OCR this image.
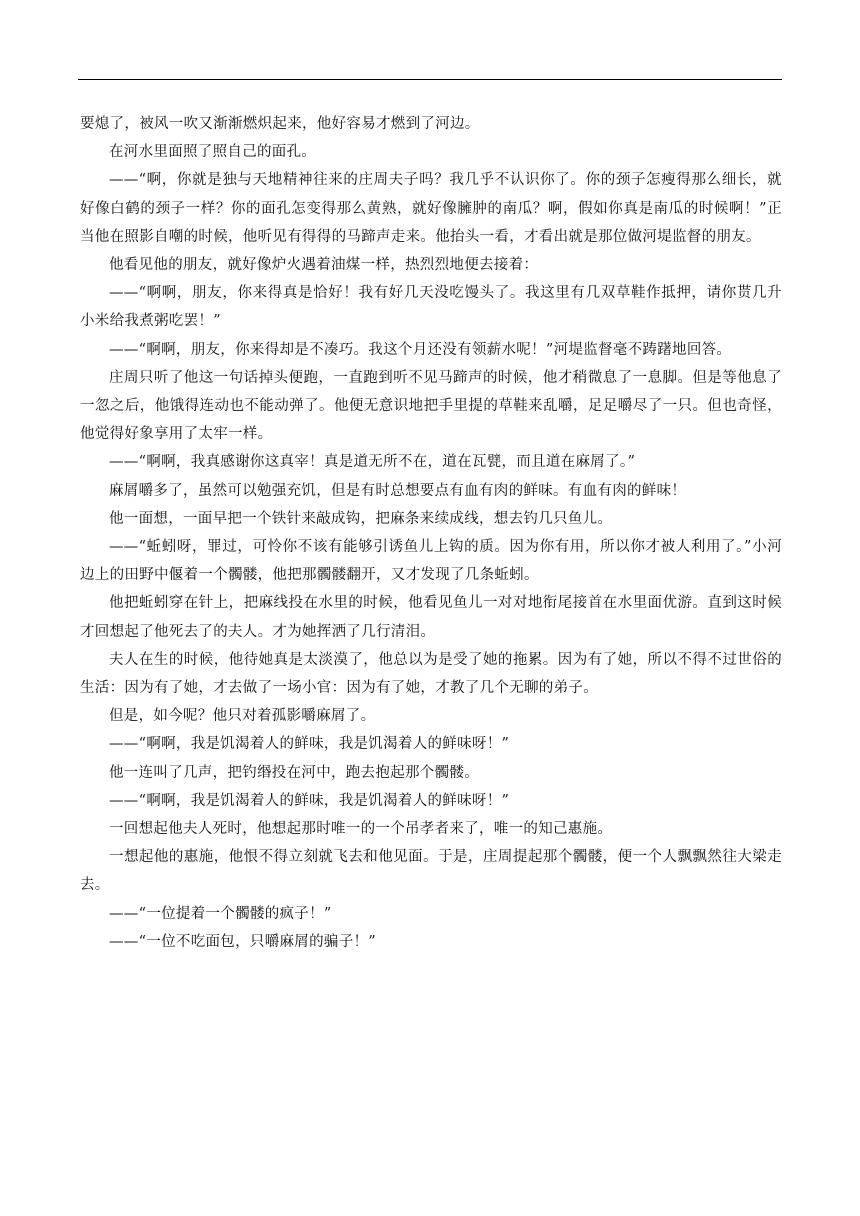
要熄了，被风一吹又渐渐燃炽起来，他好容易才燃到了河边。

在河水里面照了照自己的面孔。

——“啊，你就是独与天地精神往来的庄周夫子吗？我几乎不认识你了。你的颈子怎瘦得那么细长，就好像白鹤的颈子一样？你的面孔怎变得那么黄熟，就好像臃肿的南瓜？啊，假如你真是南瓜的时候啊！”正当他在照影自嘲的时候，他听见有得得的马蹄声走来。他抬头一看，才看出就是那位做河堤监督的朋友。

他看见他的朋友，就好像炉火遇着油煤一样，热烈烈地便去接着：

——“啊啊，朋友，你来得真是恰好！我有好几天没吃馒头了。我这里有几双草鞋作抵押，请你贳几升小米给我煮粥吃罢！”

——“啊啊，朋友，你来得却是不凑巧。我这个月还没有领薪水呢！”河堤监督毫不踌躇地回答。

庄周只听了他这一句话掉头便跑，一直跑到听不见马蹄声的时候，他才稍微息了一息脚。但是等他息了一忽之后，他饿得连动也不能动弹了。他便无意识地把手里提的草鞋来乱嚼，足足嚼尽了一只。但也奇怪，他觉得好象享用了太牢一样。

——“啊啊，我真感谢你这真宰！真是道无所不在，道在瓦甓，而且道在麻屑了。”

麻屑嚼多了，虽然可以勉强充饥，但是有时总想要点有血有肉的鲜味。有血有肉的鲜味！

他一面想，一面早把一个铁针来敲成钩，把麻条来续成线，想去钓几只鱼儿。

——“蚯蚓呀，罪过，可怜你不该有能够引诱鱼儿上钩的质。因为你有用，所以你才被人利用了。”小河边上的田野中偃着一个髑髅，他把那髑髅翻开，又才发现了几条蚯蚓。

他把蚯蚓穿在针上，把麻线投在水里的时候，他看见鱼儿一对对地衔尾接首在水里面优游。直到这时候才回想起了他死去了的夫人。才为她挥洒了几行清泪。

夫人在生的时候，他待她真是太淡漠了，他总以为是受了她的拖累。因为有了她，所以不得不过世俗的生活：因为有了她，才去做了一场小官：因为有了她，才教了几个无聊的弟子。

但是，如今呢？他只对着孤影嚼麻屑了。

——“啊啊，我是饥渴着人的鲜味，我是饥渴着人的鲜味呀！”

他一连叫了几声，把钓缗投在河中，跑去抱起那个髑髅。

——“啊啊，我是饥渴着人的鲜味，我是饥渴着人的鲜味呀！”

一回想起他夫人死时，他想起那时唯一的一个吊孝者来了，唯一的知己惠施。

一想起他的惠施，他恨不得立刻就飞去和他见面。于是，庄周提起那个髑髅，便一个人飘飘然往大梁走去。

——“一位提着一个髑髅的疯子！”

——“一位不吃面包，只嚼麻屑的骗子！”
